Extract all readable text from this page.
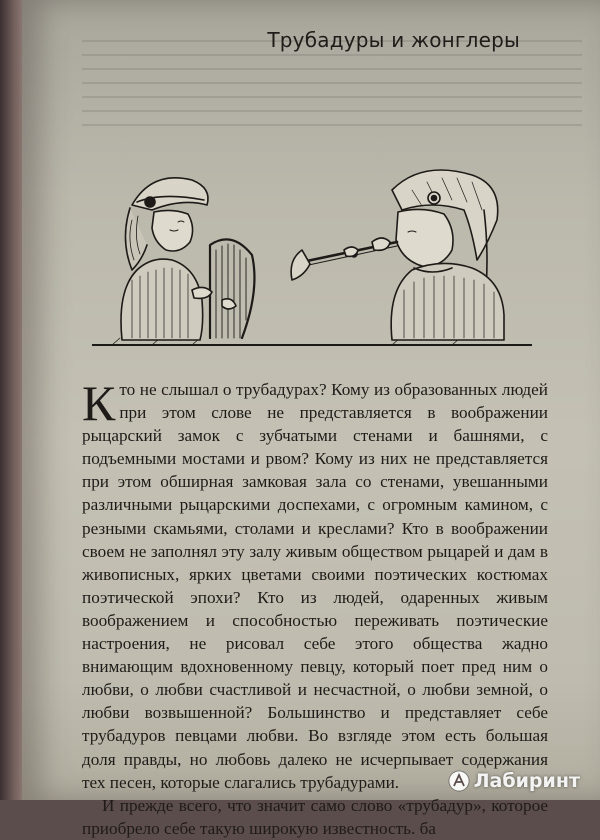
Трубадуры и жонглеры

К то не слышал о трубадурах? Кому из образованных людей при этом слове не представляется в воображении рыцарский замок с зубчатыми стенами и башнями, с подъемными мостами и рвом? Кому из них не представляется при этом обширная замковая зала со стенами, увешанными различными рыцарскими доспехами, с огромным камином, с резными скамьями, столами и креслами? Кто в воображении своем не заполнял эту залу живым обществом рыцарей и дам в живописных, ярких цветами своими поэтических костюмах поэтической эпохи? Кто из людей, одаренных живым воображением и способностью переживать поэтические настроения, не рисовал себе этого общества жадно внимающим вдохновенному певцу, который поет пред ним о любви, о любви счастливой и несчастной, о любви земной, о любви возвышенной? Большинство и представляет себе трубадуров певцами любви. Во взгляде этом есть большая доля правды, но любовь далеко не исчерпывает содержания тех песен, которые слагались трубадурами.

И прежде всего, что значит само слово «трубадур», которое приобрело себе такую широкую известность. ба

Лабиринт
